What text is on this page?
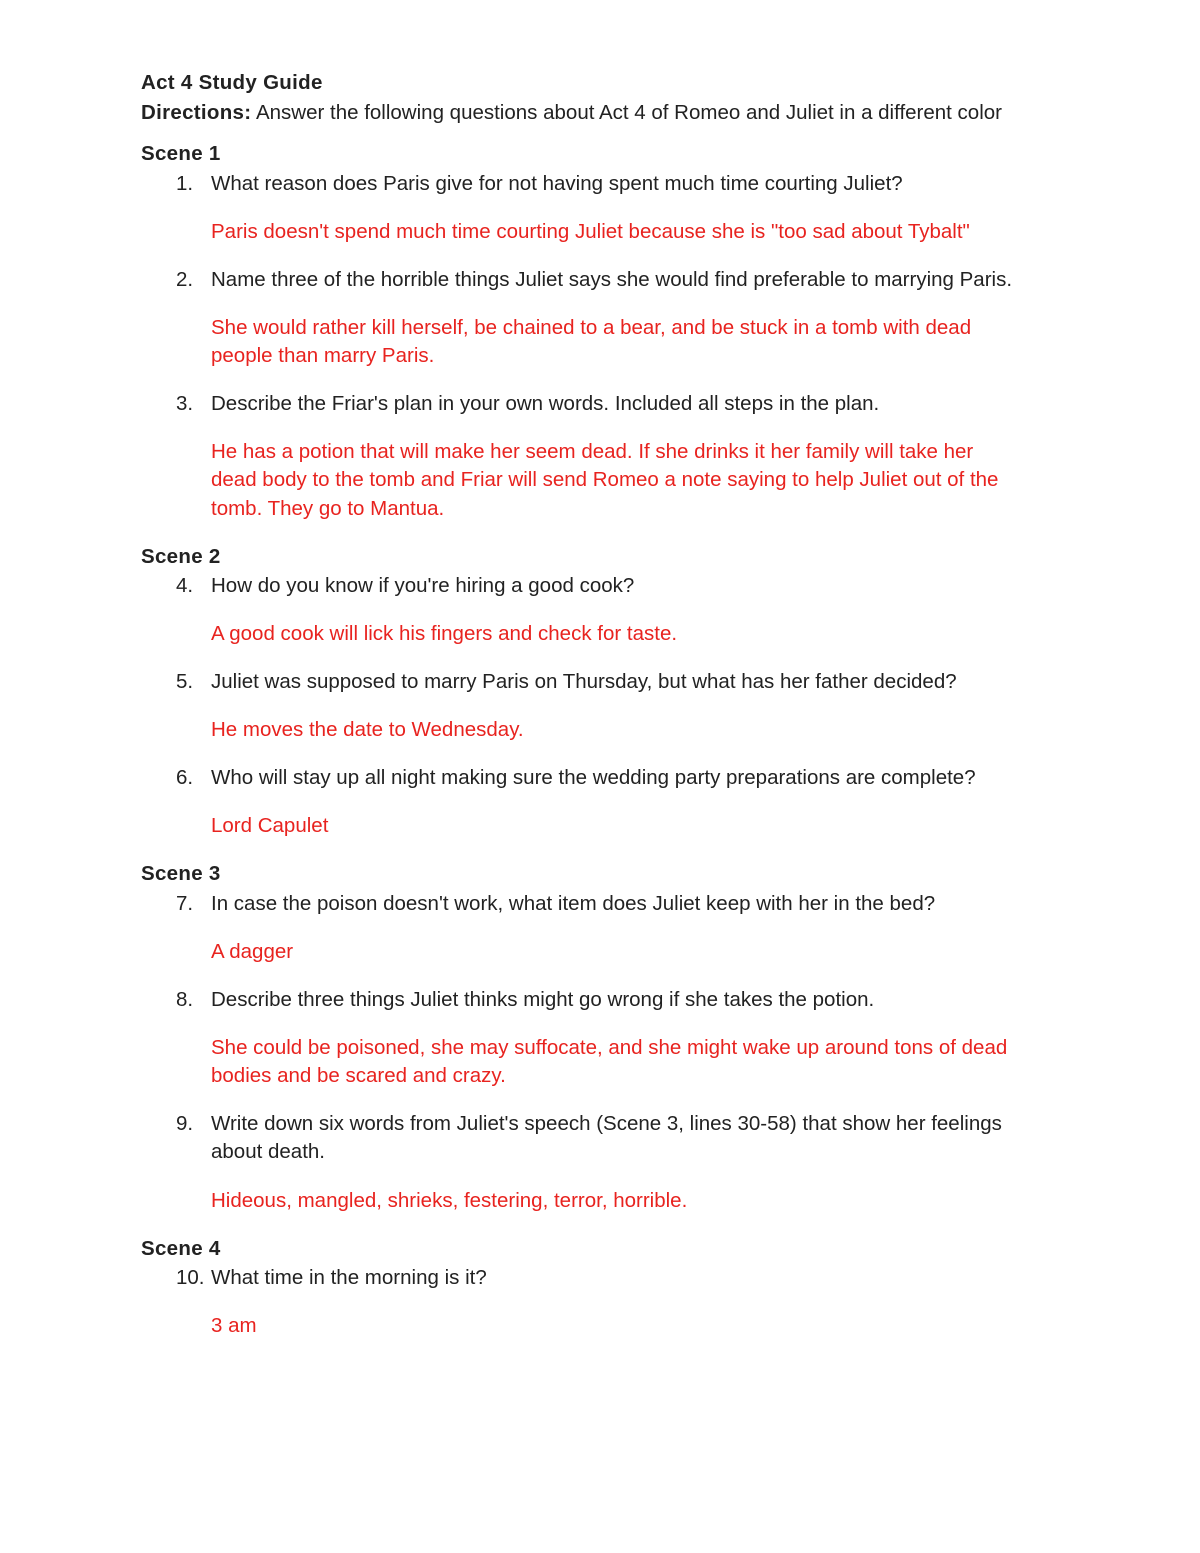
Act 4 Study Guide
Directions: Answer the following questions about Act 4 of Romeo and Juliet in a different color
Scene 1
1. What reason does Paris give for not having spent much time courting Juliet?
Paris doesn't spend much time courting Juliet because she is "too sad about Tybalt"
2. Name three of the horrible things Juliet says she would find preferable to marrying Paris.
She would rather kill herself, be chained to a bear, and be stuck in a tomb with dead
people than marry Paris.
3. Describe the Friar's plan in your own words. Included all steps in the plan.
He has a potion that will make her seem dead. If she drinks it her family will take her
dead body to the tomb and Friar will send Romeo a note saying to help Juliet out of the
tomb. They go to Mantua.
Scene 2
4. How do you know if you're hiring a good cook?
A good cook will lick his fingers and check for taste.
5. Juliet was supposed to marry Paris on Thursday, but what has her father decided?
He moves the date to Wednesday.
6. Who will stay up all night making sure the wedding party preparations are complete?
Lord Capulet
Scene 3
7. In case the poison doesn't work, what item does Juliet keep with her in the bed?
A dagger
8. Describe three things Juliet thinks might go wrong if she takes the potion.
She could be poisoned, she may suffocate, and she might wake up around tons of dead
bodies and be scared and crazy.
9. Write down six words from Juliet's speech (Scene 3, lines 30-58) that show her feelings
about death.
Hideous, mangled, shrieks, festering, terror, horrible.
Scene 4
10. What time in the morning is it?
3 am
